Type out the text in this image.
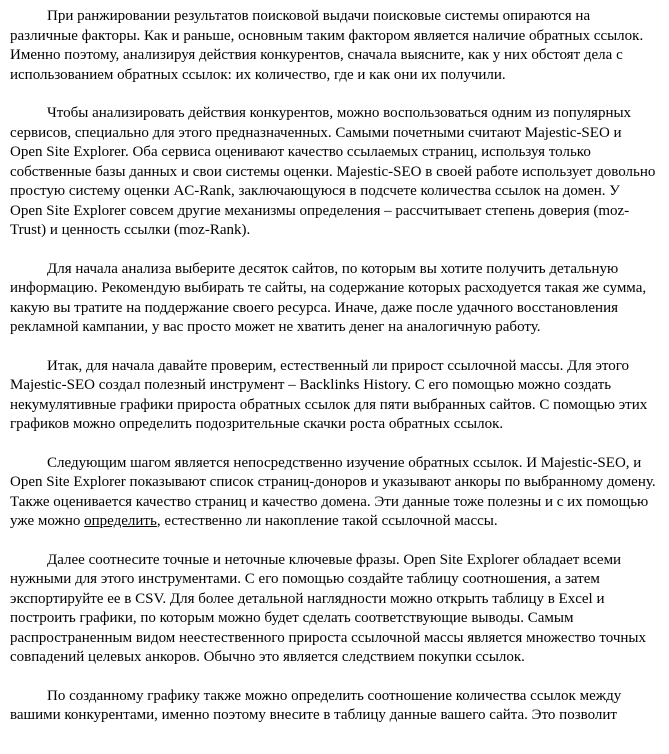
При ранжировании результатов поисковой выдачи поисковые системы опираются на различные факторы. Как и раньше, основным таким фактором является наличие обратных ссылок. Именно поэтому, анализируя действия конкурентов, сначала выясните, как у них обстоят дела с использованием обратных ссылок: их количество, где и как они их получили.

Чтобы анализировать действия конкурентов, можно воспользоваться одним из популярных сервисов, специально для этого предназначенных. Самыми почетными считают Majestic-SEO и Open Site Explorer. Оба сервиса оценивают качество ссылаемых страниц, используя только собственные базы данных и свои системы оценки. Majestic-SEO в своей работе использует довольно простую систему оценки AC-Rank, заключающуюся в подсчете количества ссылок на домен. У Open Site Explorer совсем другие механизмы определения – рассчитывает степень доверия (moz-Trust) и ценность ссылки (moz-Rank).

Для начала анализа выберите десяток сайтов, по которым вы хотите получить детальную информацию. Рекомендую выбирать те сайты, на содержание которых расходуется такая же сумма, какую вы тратите на поддержание своего ресурса. Иначе, даже после удачного восстановления рекламной кампании, у вас просто может не хватить денег на аналогичную работу.

Итак, для начала давайте проверим, естественный ли прирост ссылочной массы. Для этого Majestic-SEO создал полезный инструмент – Backlinks History. С его помощью можно создать некумулятивные графики прироста обратных ссылок для пяти выбранных сайтов. С помощью этих графиков можно определить подозрительные скачки роста обратных ссылок.

Следующим шагом является непосредственно изучение обратных ссылок. И Majestic-SEO, и Open Site Explorer показывают список страниц-доноров и указывают анкоры по выбранному домену. Также оценивается качество страниц и качество домена. Эти данные тоже полезны и с их помощью уже можно определить, естественно ли накопление такой ссылочной массы.

Далее соотнесите точные и неточные ключевые фразы. Open Site Explorer обладает всеми нужными для этого инструментами. С его помощью создайте таблицу соотношения, а затем экспортируйте ее в CSV. Для более детальной наглядности можно открыть таблицу в Excel и построить графики, по которым можно будет сделать соответствующие выводы. Самым распространенным видом неестественного прироста ссылочной массы является множество точных совпадений целевых анкоров. Обычно это является следствием покупки ссылок.

По созданному графику также можно определить соотношение количества ссылок между вашими конкурентами, именно поэтому внесите в таблицу данные вашего сайта. Это позволит
